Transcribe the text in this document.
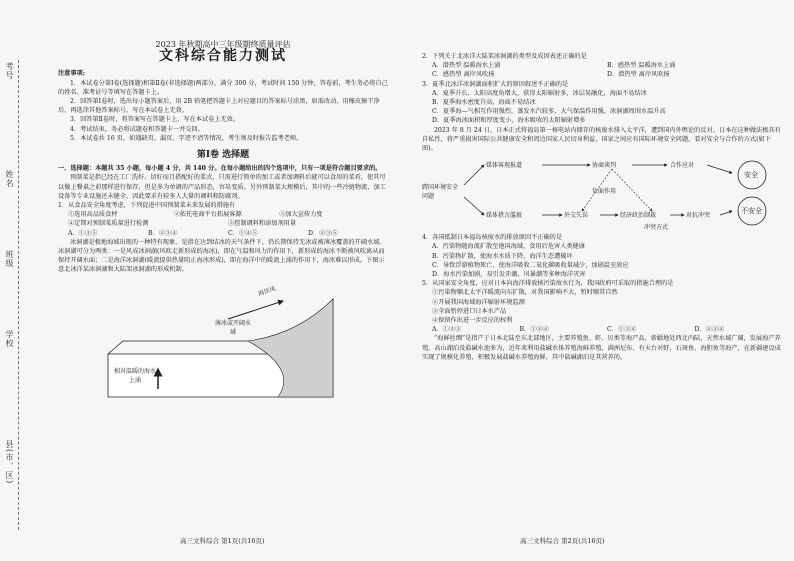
考号
姓名
班级
学校
县(市、区)
2023 年秋期高中三年级期终质量评估
文科综合能力测试

注意事项:

1．本试卷分第Ⅰ卷(选择题)和第Ⅱ卷(非选择题)两部分，满分 300 分，考试时间 150 分钟，答卷前，考生务必将自己的姓名、准考证号等填写在答题卡上。

2．回答第Ⅰ卷时，选出每小题答案后，用 2B 铅笔把答题卡上对应题目的答案标号涂黑，如需改动，用橡皮擦干净后，再选涂其他答案标号，写在本试卷上无效。

3．回答第Ⅱ卷时，将答案写在答题卡上，写在本试卷上无效。

4．考试结束，务必将试题卷和答题卡一并交回。

5．本试卷共 16 页，如遇缺页、漏页、字迹不清等情况，考生须及时报告监考老师。

第Ⅰ卷 选择题

一、选择题：本题共 35 小题，每小题 4 分，共 140 分。在每小题给出的四个选项中，只有一项是符合题目要求的。

预制菜是指已经在工厂洗好、切好而且搭配好的菜式，只需进行简单的加工或者加调料后就可以食用的菜肴，使其可以像上餐桌之前那样进行保存，但是多为单调的产品形态，容易变质。另外预制菜大规模后，其中的一些冷链物流、加工设备等专业设施还未健全，因此要求有较多人大量的调料和防腐剂。

1．从食品安全角度考虑，下列促进中国预制菜未来发展的措施有

①选用高品质食材	②依托电商平台拓展客源	③加大宣传力度
④定期对预制菜质量进行检测	⑤控制调料和添加剂用量
A．①③⑤	B．②③④	C．①④⑤	D．②③⑤

冰洞湖是极地海域出现的一种特有现象，是指在达到结冰的天气条件下，仍长期保持无冰或被薄冰覆盖的开阔水域。冰洞湖可分为两类：一是风成冰洞湖(风吹走新形成的海冰)，即在气温和风力的作用下，新形成的海冰不断被风吹离从而保持开阔水面；二是海洋冰洞湖(暖流提供热量阻止海冰形成)，即在海洋中的暖流上涌的作用下，海冰难以形成。下图示意北冰洋某冰洞湖和大陆架冰洞湖的形成机制。

海岸风
薄冰或开阔水域
相对温暖的海水上涌
高三文科综合 第1页(共16页)

2．下列关于北冰洋大陆架冰洞湖的类型及成因表述正确的是

A．潜热型 温暖海水上涌	B．感热型 温暖海水上涌
C．感热型 离岸风吹扬	D．潜热型 离岸风吹扬

3．夏季北冰洋冰洞湖面积扩大的原因叙述不正确的是

A．夏季升长，太阳高度角增大，获得太阳辐射多，冰层易融化，海面不易结冰

B．夏季海水密度升高，海面不易结冰

C．夏季海—气相互作用强烈，蒸发水汽较多，大气保温作用强，冰洞湖周围水温升高

D．夏季海冰面积和厚度变小，海水吸收的太阳辐射增多

2023 年 8 月 24 日，日本正式将福岛第一核电站内储存的核废水排入太平洋，遭到国内外舆论的反对。日本在这种做法极具有自私性，将严重损害国际公共健康安全和周边国家人民切身利益，国家之间应有国际环境安全问题，看对安全与合作的方式(如下图)。

跨国环境安全问题
媒体客观报道	协商谈判	合作应对
媒体措言滥披	外交失误	经济政治制裁	对抗冲突
负面作用
冲突方式
安全
不安全

4．各国抵制日本福岛核废水的排放原因不正确的是

A．污染物随海流扩散至他国海域，食用后危害人类健康

B．污染物扩散，使海水水质下降，海洋生态遭破坏

C．导致浮游植物死亡，使海洋吸收二氧化碳吸收量减少，加剧温室效应

D．海水污染加剧，易引发赤潮、风暴潮等多种海洋灾害

5．从国家安全角度，应对日本向海洋排放核污染废水行为，我国政府可采取的措施合理的是

①污染物顺北太平洋暖流向东扩散，对我国影响不大，暂时顺其自然

②开展我国海域海洋辐射环境监测

③全面暂停进口日本水产品

④保留作出进一步反应的权利

A．①②③	B．①②④	C．①③④	D．②③④

“海鲜丝绸”是指产于日本北陆至东北部地区，主要养殖鱼、虾、贝类等海产品，新疆地处西北内陆，天然水域广阔，发展海产养殖，高山湖泊及盐碱水池多为，近年来利用盐碱水体养殖海鲜养殖，满洲尼布，有天台对虾，石斑鱼、海胆鱼等海产，在新疆建设成实现了规模化养殖，积极发展盐碱水养殖海鲜，其中盐碱湖泊是其营养的。

高三文科综合 第2页(共16页)
